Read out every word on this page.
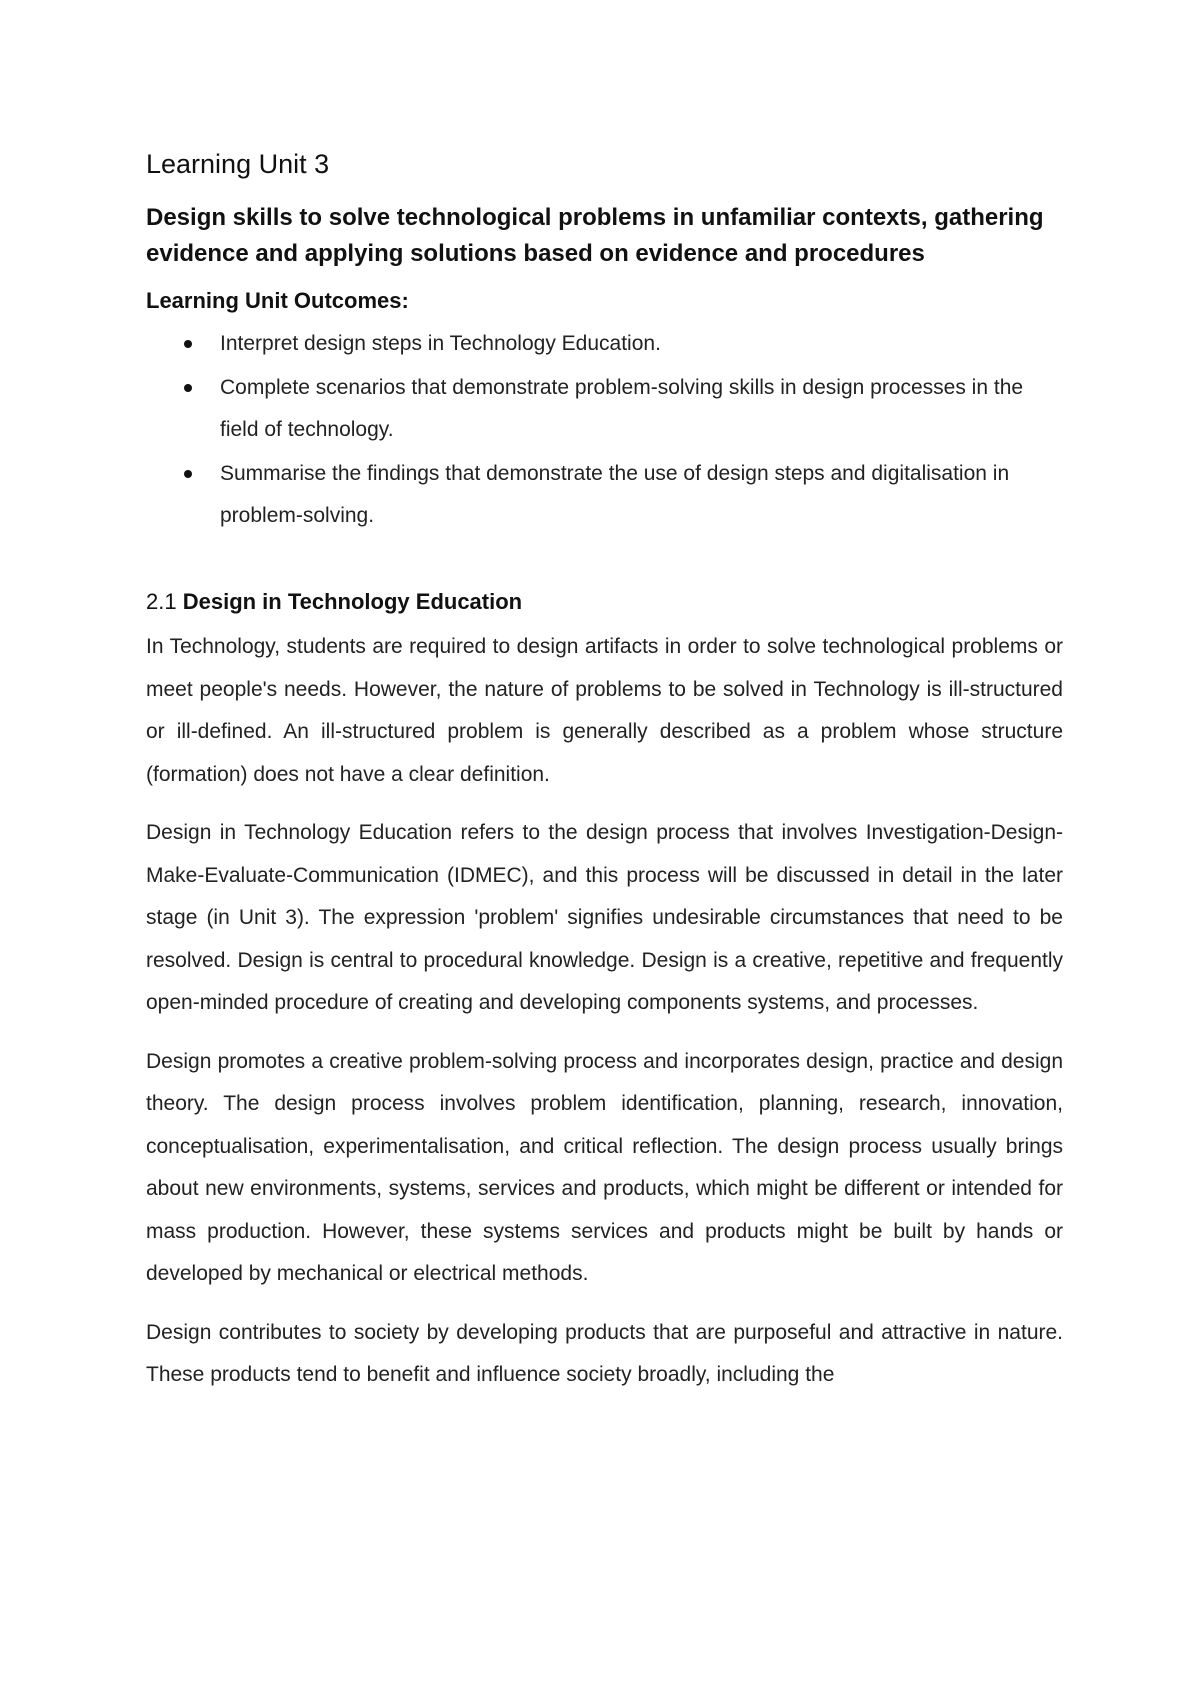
Learning Unit 3
Design skills to solve technological problems in unfamiliar contexts, gathering evidence and applying solutions based on evidence and procedures
Learning Unit Outcomes:
Interpret design steps in Technology Education.
Complete scenarios that demonstrate problem-solving skills in design processes in the field of technology.
Summarise the findings that demonstrate the use of design steps and digitalisation in problem-solving.
2.1 Design in Technology Education

In Technology, students are required to design artifacts in order to solve technological problems or meet people's needs. However, the nature of problems to be solved in Technology is ill-structured or ill-defined. An ill-structured problem is generally described as a problem whose structure (formation) does not have a clear definition.

Design in Technology Education refers to the design process that involves Investigation-Design-Make-Evaluate-Communication (IDMEC), and this process will be discussed in detail in the later stage (in Unit 3). The expression 'problem' signifies undesirable circumstances that need to be resolved. Design is central to procedural knowledge. Design is a creative, repetitive and frequently open-minded procedure of creating and developing components systems, and processes.

Design promotes a creative problem-solving process and incorporates design, practice and design theory. The design process involves problem identification, planning, research, innovation, conceptualisation, experimentalisation, and critical reflection. The design process usually brings about new environments, systems, services and products, which might be different or intended for mass production. However, these systems services and products might be built by hands or developed by mechanical or electrical methods.

Design contributes to society by developing products that are purposeful and attractive in nature. These products tend to benefit and influence society broadly, including the
